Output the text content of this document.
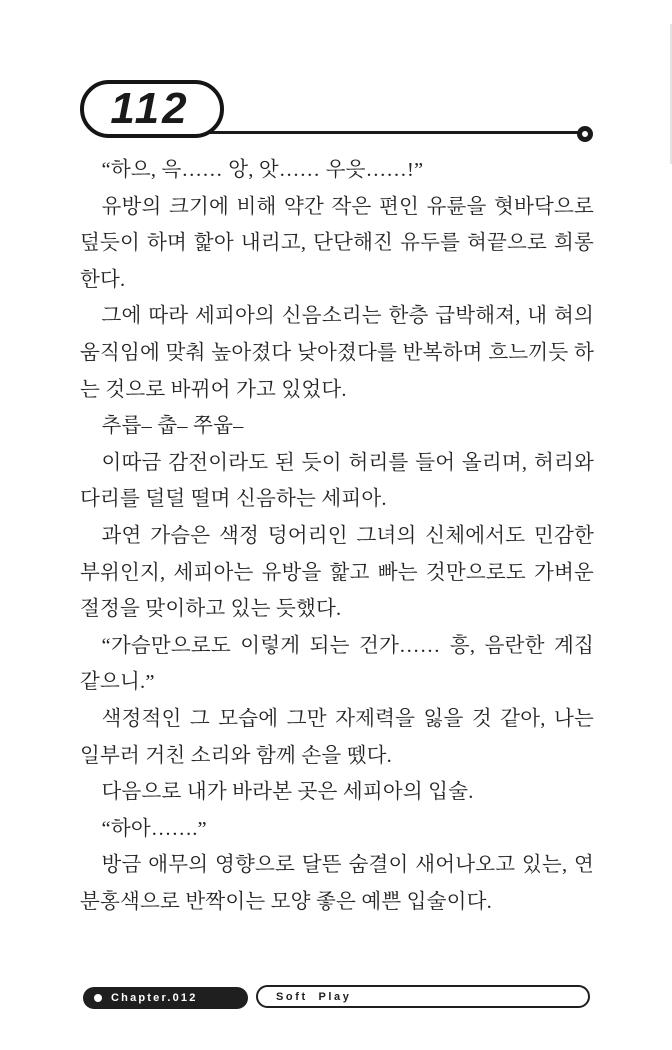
112

“하으, 윽…… 앙, 앗…… 우읏……!”

유방의 크기에 비해 약간 작은 편인 유륜을 혓바닥으로 덮듯이 하며 핥아 내리고, 단단해진 유두를 혀끝으로 희롱한다.

그에 따라 세피아의 신음소리는 한층 급박해져, 내 혀의 움직임에 맞춰 높아졌다 낮아졌다를 반복하며 흐느끼듯 하는 것으로 바뀌어 가고 있었다.

추릅– 춥– 쭈웁–

이따금 감전이라도 된 듯이 허리를 들어 올리며, 허리와 다리를 덜덜 떨며 신음하는 세피아.

과연 가슴은 색정 덩어리인 그녀의 신체에서도 민감한 부위인지, 세피아는 유방을 핥고 빠는 것만으로도 가벼운 절정을 맞이하고 있는 듯했다.

“가슴만으로도 이렇게 되는 건가…… 흥, 음란한 계집 같으니.”

색정적인 그 모습에 그만 자제력을 잃을 것 같아, 나는 일부러 거친 소리와 함께 손을 뗐다.

다음으로 내가 바라본 곳은 세피아의 입술.

“하아…….”

방금 애무의 영향으로 달뜬 숨결이 새어나오고 있는, 연분홍색으로 반짝이는 모양 좋은 예쁜 입술이다.

Chapter.012	Soft Play
